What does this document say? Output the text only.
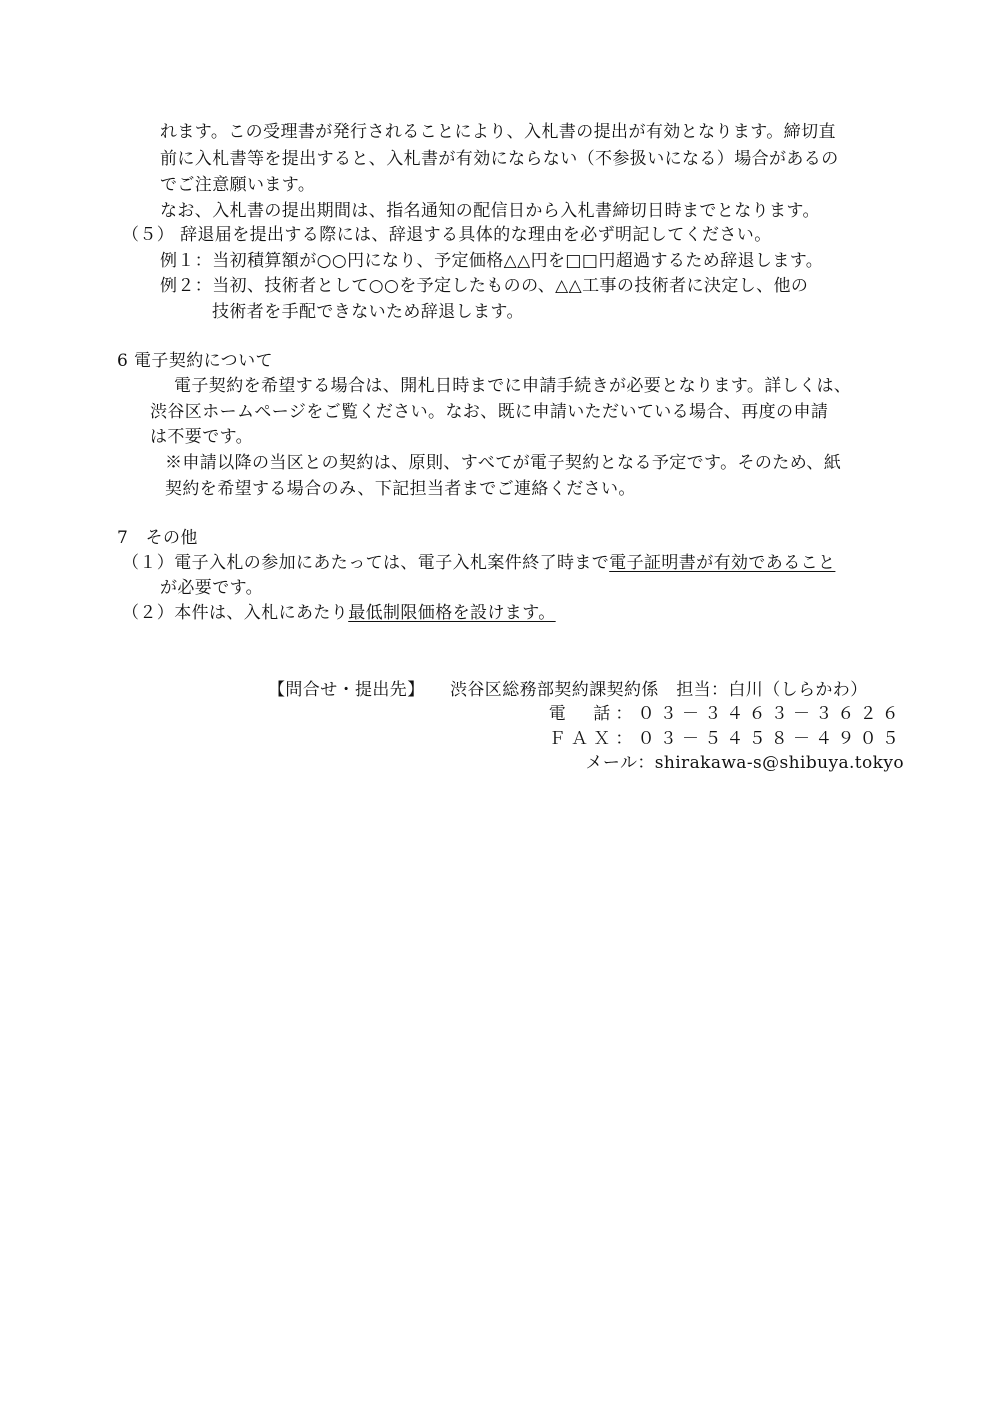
れます。この受理書が発行されることにより、入札書の提出が有効となります。締切直
前に入札書等を提出すると、入札書が有効にならない（不参扱いになる）場合があるの
でご注意願います。
なお、入札書の提出期間は、指名通知の配信日から入札書締切日時までとなります。
（５） 辞退届を提出する際には、辞退する具体的な理由を必ず明記してください。
例１：当初積算額が○○円になり、予定価格△△円を□□円超過するため辞退します。
例２：当初、技術者として○○を予定したものの、△△工事の技術者に決定し、他の
技術者を手配できないため辞退します。
6 電子契約について
電子契約を希望する場合は、開札日時までに申請手続きが必要となります。詳しくは、
渋谷区ホームページをご覧ください。なお、既に申請いただいている場合、再度の申請
は不要です。
※申請以降の当区との契約は、原則、すべてが電子契約となる予定です。そのため、紙
契約を希望する場合のみ、下記担当者までご連絡ください。
7　その他
（１）電子入札の参加にあたっては、電子入札案件終了時まで電子証明書が有効であること
が必要です。
（２）本件は、入札にあたり最低制限価格を設けます。
【問合せ・提出先】 渋谷区総務部契約課契約係　担当：白川（しらかわ）
電　話：０３－３４６３－３６２６
ＦＡＸ：０３－５４５８－４９０５
メール：shirakawa-s@shibuya.tokyo
